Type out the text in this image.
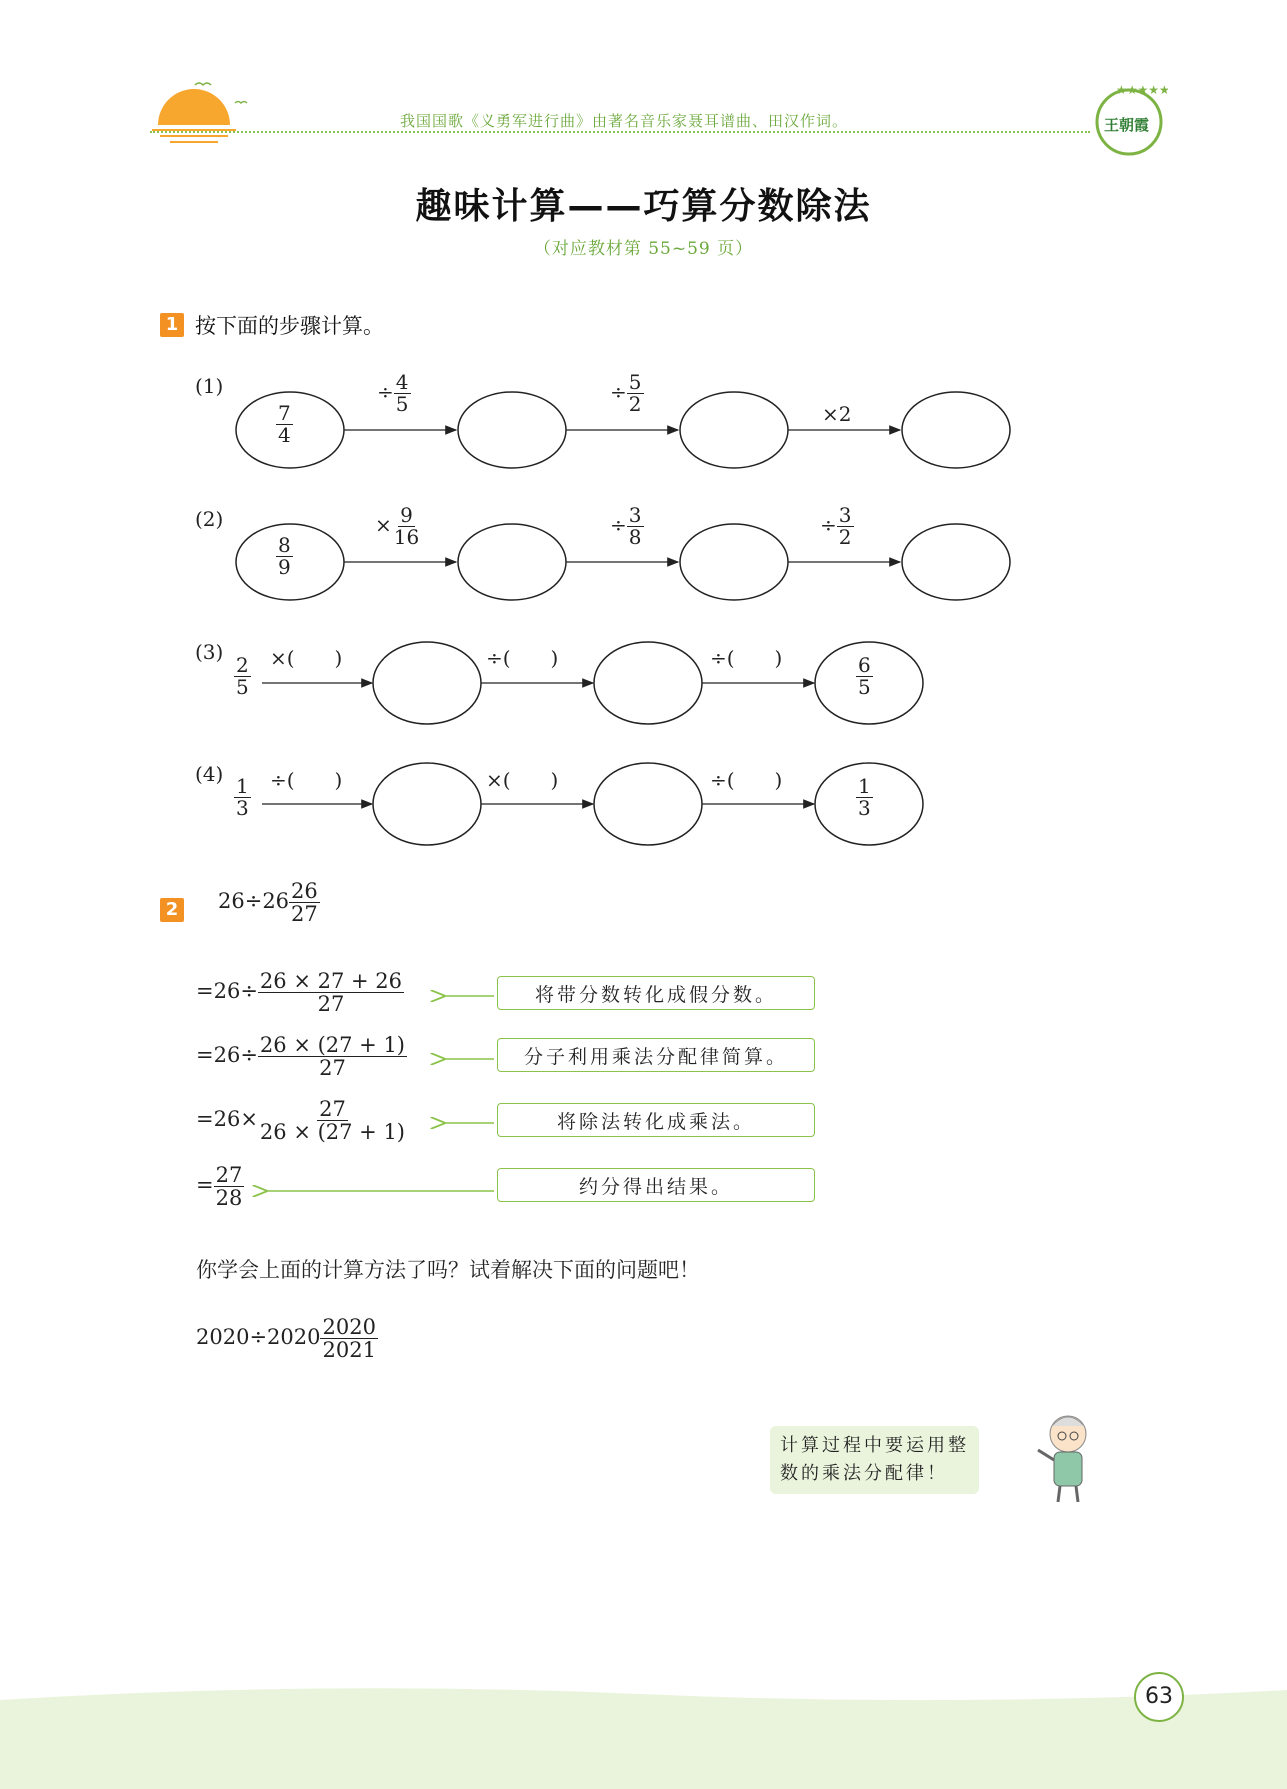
我国国歌《义勇军进行曲》由著名音乐家聂耳谱曲、田汉作词。
★★★★★
王朝霞
趣味计算——巧算分数除法
（对应教材第 55~59 页）
1 按下面的步骤计算。
(1)
$\frac{7}{4}$
÷ $\frac{4}{5}$	÷ $\frac{5}{2}$	×2
(2)
$\frac{8}{9}$
× $\frac{9}{16}$	÷ $\frac{3}{8}$	÷ $\frac{3}{2}$
(3)
$\frac{2}{5}$ ×(　　)	÷(　　)	÷(　　)	$\frac{6}{5}$
(4)
$\frac{1}{3}$ ÷(　　)	×(　　)	÷(　　)	$\frac{1}{3}$
2 $26\div 26 \frac{26}{27}$
$=26\div \frac{26 \times 27 + 26}{27}$
$=26\div \frac{26 \times (27 + 1)}{27}$
$=26\times \frac{27}{26 \times (27 + 1)}$
= $\frac{27}{28}$
将带分数转化成假分数。
分子利用乘法分配律简算。
将除法转化成乘法。
约分得出结果。
你学会上面的计算方法了吗？试着解决下面的问题吧！
$2020\div 2020 \frac{2020}{2021}$
计算过程中要运用整
数的乘法分配律！
63
